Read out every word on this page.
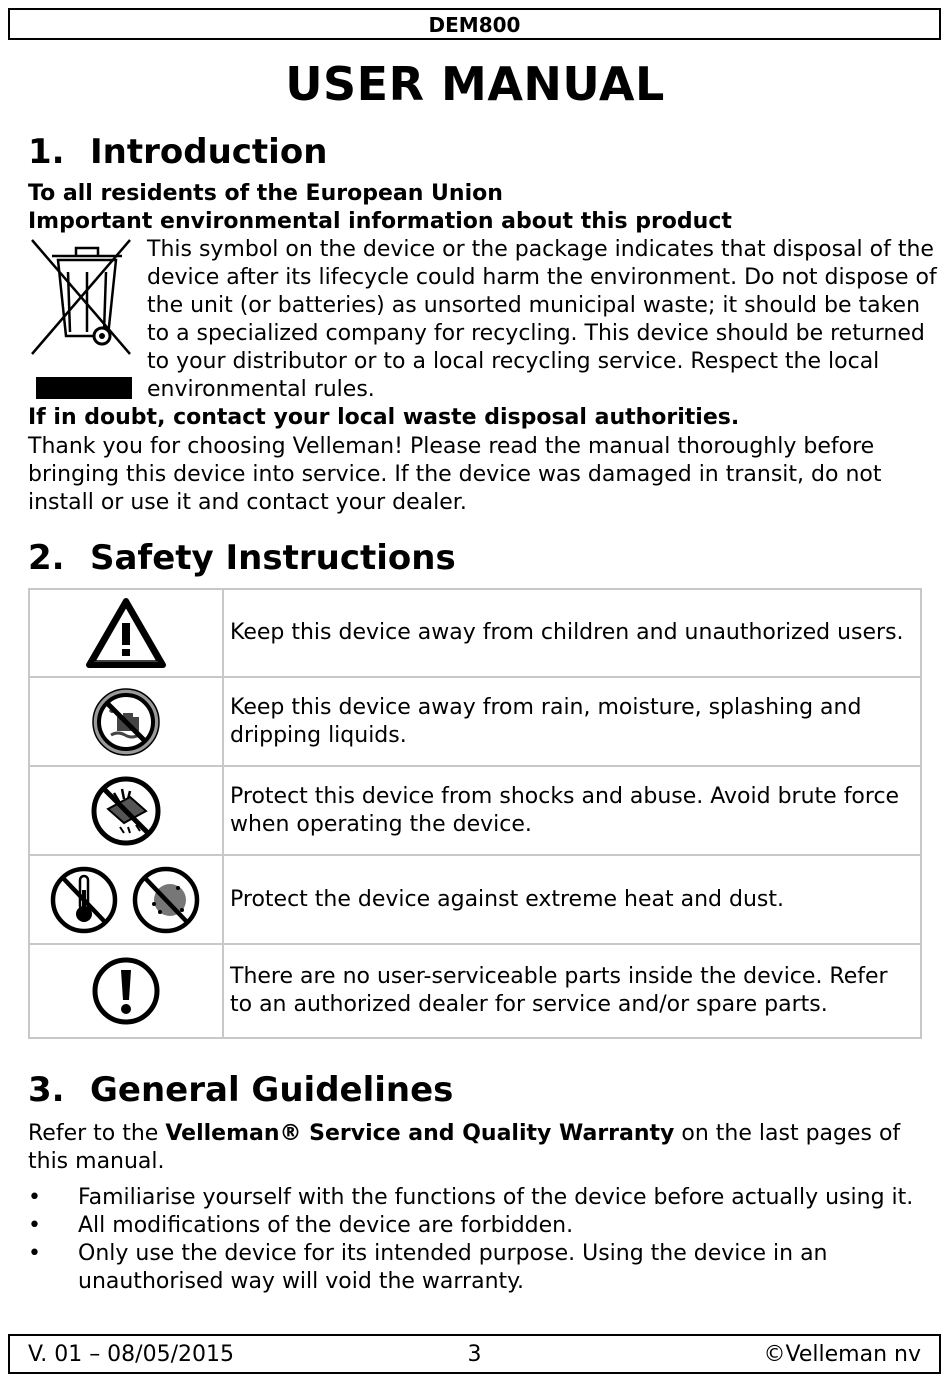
DEM800
USER MANUAL
1. Introduction
To all residents of the European Union
Important environmental information about this product
This symbol on the device or the package indicates that disposal of the device after its lifecycle could harm the environment. Do not dispose of the unit (or batteries) as unsorted municipal waste; it should be taken to a specialized company for recycling. This device should be returned to your distributor or to a local recycling service. Respect the local environmental rules.
If in doubt, contact your local waste disposal authorities.
Thank you for choosing Velleman! Please read the manual thoroughly before bringing this device into service. If the device was damaged in transit, do not install or use it and contact your dealer.
2. Safety Instructions
	Keep this device away from children and unauthorized users.
	Keep this device away from rain, moisture, splashing and dripping liquids.
	Protect this device from shocks and abuse. Avoid brute force when operating the device.
	Protect the device against extreme heat and dust.
	There are no user-serviceable parts inside the device. Refer to an authorized dealer for service and/or spare parts.
3. General Guidelines
Refer to the Velleman® Service and Quality Warranty on the last pages of this manual.
• Familiarise yourself with the functions of the device before actually using it.
• All modifications of the device are forbidden.
• Only use the device for its intended purpose. Using the device in an unauthorised way will void the warranty.
V. 01 – 08/05/2015	3	©Velleman nv
